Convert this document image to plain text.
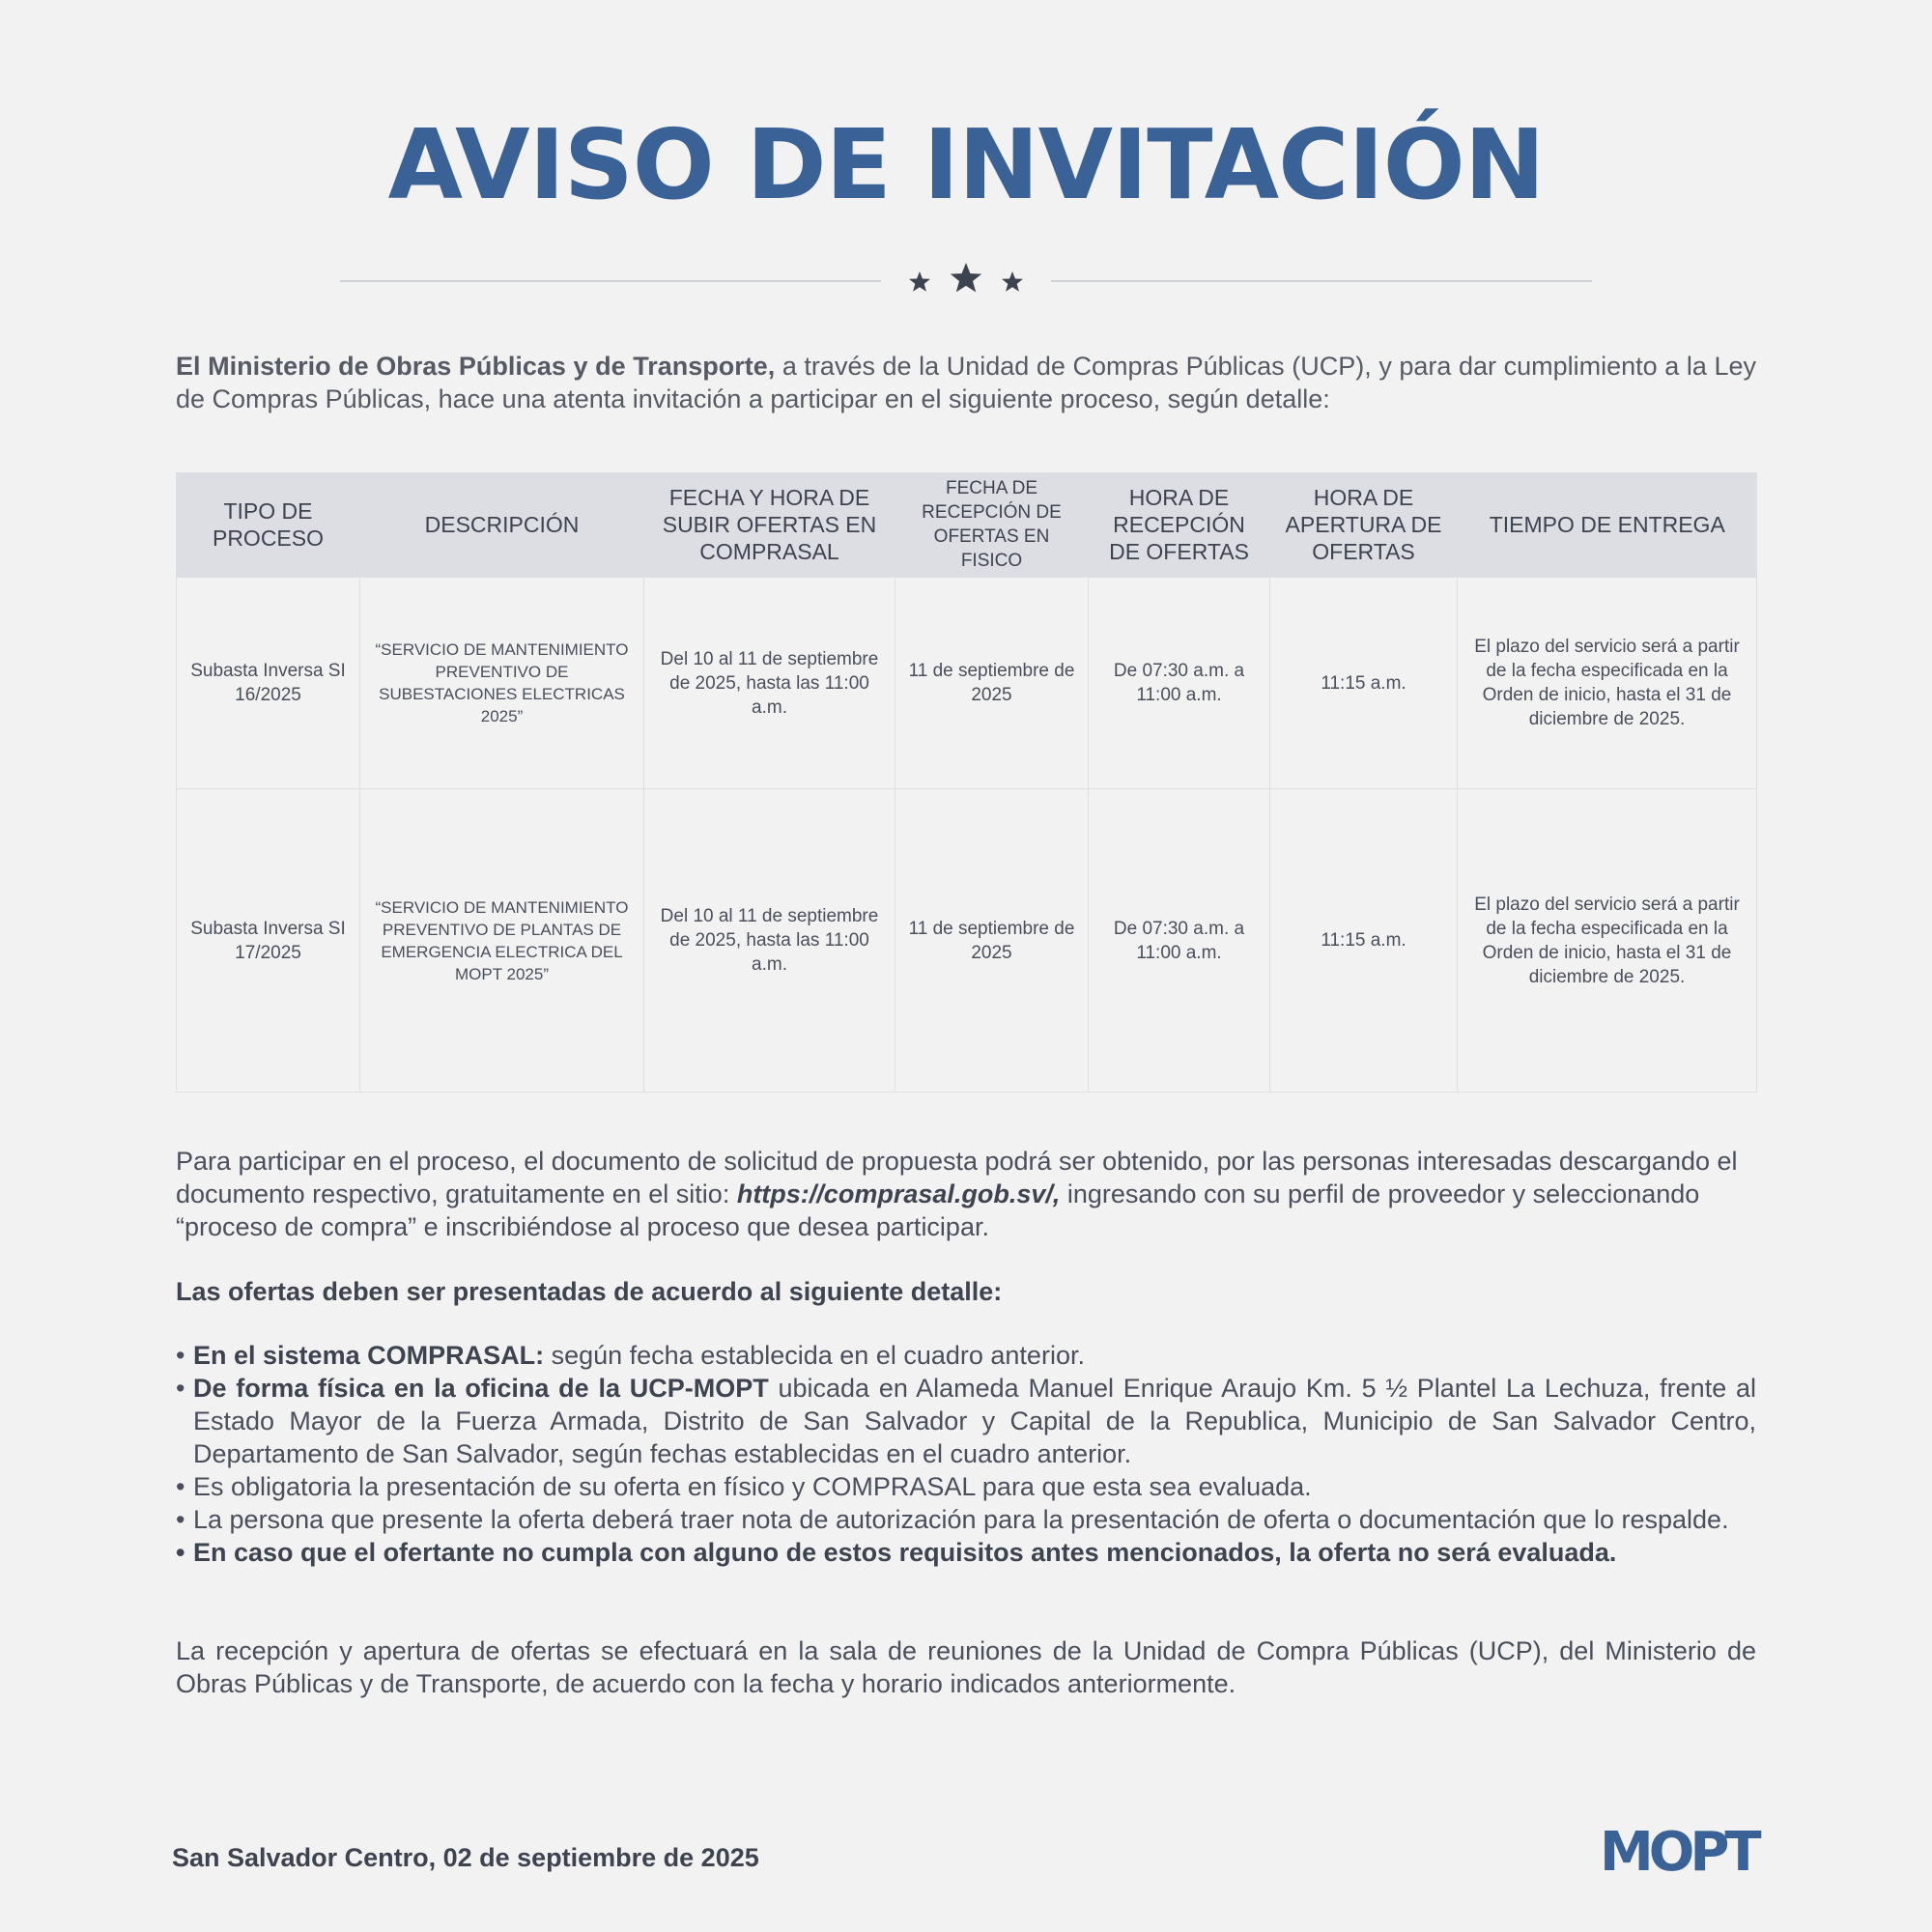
AVISO DE INVITACIÓN

El Ministerio de Obras Públicas y de Transporte, a través de la Unidad de Compras Públicas (UCP), y para dar cumplimiento a la Ley de Compras Públicas, hace una atenta invitación a participar en el siguiente proceso, según detalle:

TIPO DE PROCESO	DESCRIPCIÓN	FECHA Y HORA DE SUBIR OFERTAS EN COMPRASAL	FECHA DE RECEPCIÓN DE OFERTAS EN FISICO	HORA DE RECEPCIÓN DE OFERTAS	HORA DE APERTURA DE OFERTAS	TIEMPO DE ENTREGA
Subasta Inversa SI 16/2025	“SERVICIO DE MANTENIMIENTO PREVENTIVO DE SUBESTACIONES ELECTRICAS 2025”	Del 10 al 11 de septiembre de 2025, hasta las 11:00 a.m.	11 de septiembre de 2025	De 07:30 a.m. a 11:00 a.m.	11:15 a.m.	El plazo del servicio será a partir de la fecha especificada en la Orden de inicio, hasta el 31 de diciembre de 2025.
Subasta Inversa SI 17/2025	“SERVICIO DE MANTENIMIENTO PREVENTIVO DE PLANTAS DE EMERGENCIA ELECTRICA DEL MOPT 2025”	Del 10 al 11 de septiembre de 2025, hasta las 11:00 a.m.	11 de septiembre de 2025	De 07:30 a.m. a 11:00 a.m.	11:15 a.m.	El plazo del servicio será a partir de la fecha especificada en la Orden de inicio, hasta el 31 de diciembre de 2025.

Para participar en el proceso, el documento de solicitud de propuesta podrá ser obtenido, por las personas interesadas descargando el documento respectivo, gratuitamente en el sitio: https://comprasal.gob.sv/, ingresando con su perfil de proveedor y seleccionando “proceso de compra” e inscribiéndose al proceso que desea participar.

Las ofertas deben ser presentadas de acuerdo al siguiente detalle:

• En el sistema COMPRASAL: según fecha establecida en el cuadro anterior.
• De forma física en la oficina de la UCP-MOPT ubicada en Alameda Manuel Enrique Araujo Km. 5 ½ Plantel La Lechuza, frente al Estado Mayor de la Fuerza Armada, Distrito de San Salvador y Capital de la Republica, Municipio de San Salvador Centro, Departamento de San Salvador, según fechas establecidas en el cuadro anterior.
• Es obligatoria la presentación de su oferta en físico y COMPRASAL para que esta sea evaluada.
• La persona que presente la oferta deberá traer nota de autorización para la presentación de oferta o documentación que lo respalde.
• En caso que el ofertante no cumpla con alguno de estos requisitos antes mencionados, la oferta no será evaluada.

La recepción y apertura de ofertas se efectuará en la sala de reuniones de la Unidad de Compra Públicas (UCP), del Ministerio de Obras Públicas y de Transporte, de acuerdo con la fecha y horario indicados anteriormente.

San Salvador Centro, 02 de septiembre de 2025	MOPT
